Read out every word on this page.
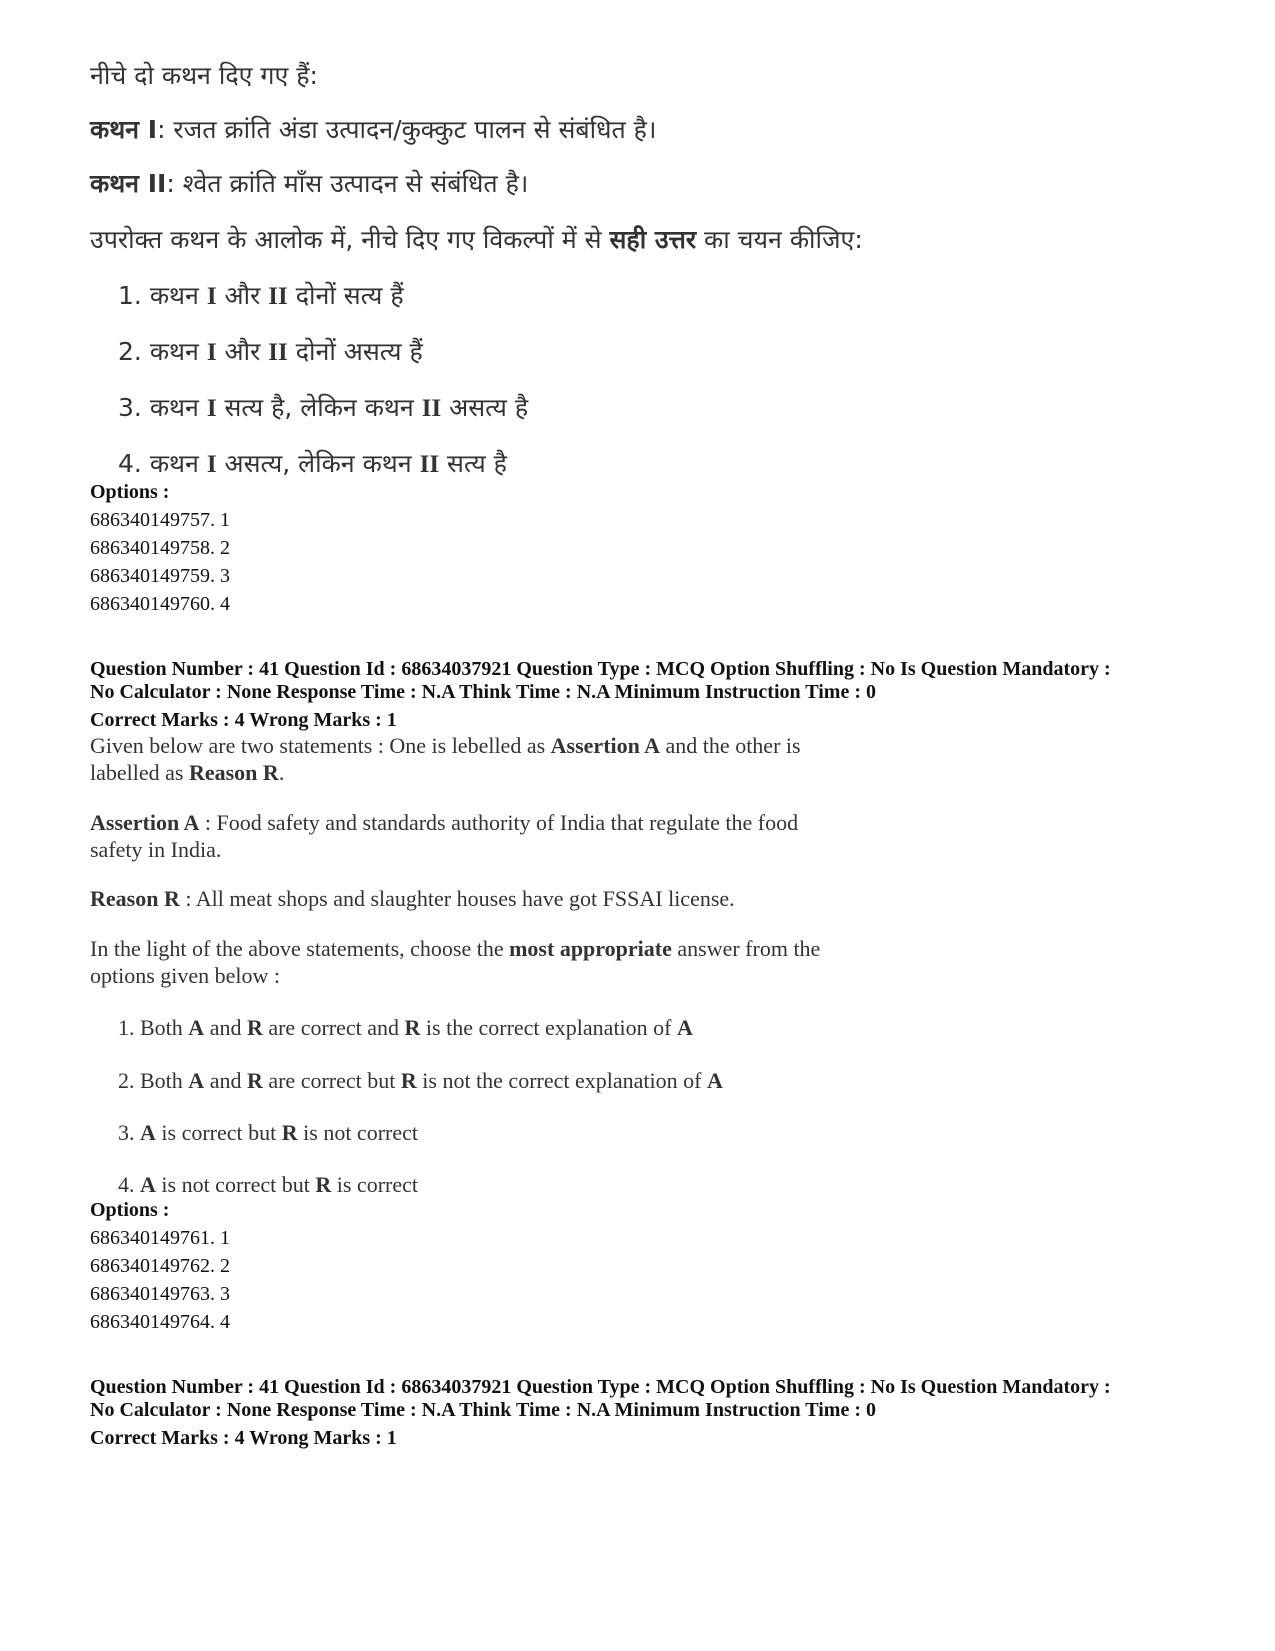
नीचे दो कथन दिए गए हैं:
कथन I: रजत क्रांति अंडा उत्पादन/कुक्कुट पालन से संबंधित है।
कथन II: श्वेत क्रांति माँस उत्पादन से संबंधित है।
उपरोक्त कथन के आलोक में, नीचे दिए गए विकल्पों में से सही उत्तर का चयन कीजिए:
1. कथन I और II दोनों सत्य हैं
2. कथन I और II दोनों असत्य हैं
3. कथन I सत्य है, लेकिन कथन II असत्य है
4. कथन I असत्य, लेकिन कथन II सत्य है
Options :
686340149757. 1
686340149758. 2
686340149759. 3
686340149760. 4
Question Number : 41 Question Id : 68634037921 Question Type : MCQ Option Shuffling : No Is Question Mandatory :
No Calculator : None Response Time : N.A Think Time : N.A Minimum Instruction Time : 0
Correct Marks : 4 Wrong Marks : 1
Given below are two statements : One is lebelled as Assertion A and the other is
labelled as Reason R.
Assertion A : Food safety and standards authority of India that regulate the food
safety in India.
Reason R : All meat shops and slaughter houses have got FSSAI license.
In the light of the above statements, choose the most appropriate answer from the
options given below :
1. Both A and R are correct and R is the correct explanation of A
2. Both A and R are correct but R is not the correct explanation of A
3. A is correct but R is not correct
4. A is not correct but R is correct
Options :
686340149761. 1
686340149762. 2
686340149763. 3
686340149764. 4
Question Number : 41 Question Id : 68634037921 Question Type : MCQ Option Shuffling : No Is Question Mandatory :
No Calculator : None Response Time : N.A Think Time : N.A Minimum Instruction Time : 0
Correct Marks : 4 Wrong Marks : 1
